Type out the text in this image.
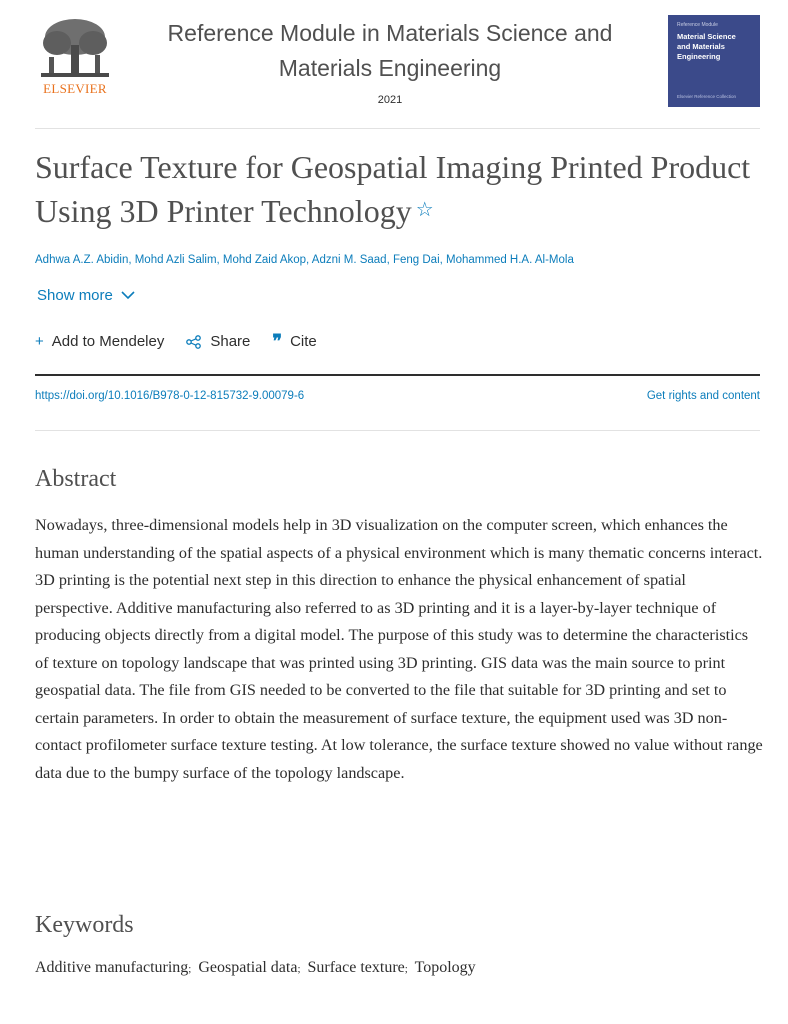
ELSEVIER
Reference Module in Materials Science and
Materials Engineering
2021
Reference Module
Material Science and Materials Engineering
Elsevier Reference Collection
Surface Texture for Geospatial Imaging Printed Product Using 3D Printer Technology ☆
Adhwa A.Z. Abidin, Mohd Azli Salim, Mohd Zaid Akop, Adzni M. Saad, Feng Dai, Mohammed H.A. Al-Mola
Show more
+ Add to Mendeley	Share ❞ Cite
https://doi.org/10.1016/B978-0-12-815732-9.00079-6	Get rights and content
Abstract
Nowadays, three-dimensional models help in 3D visualization on the computer screen, which enhances the human understanding of the spatial aspects of a physical environment which is many thematic concerns interact. 3D printing is the potential next step in this direction to enhance the physical enhancement of spatial perspective. Additive manufacturing also referred to as 3D printing and it is a layer-by-layer technique of producing objects directly from a digital model. The purpose of this study was to determine the characteristics of texture on topology landscape that was printed using 3D printing. GIS data was the main source to print geospatial data. The file from GIS needed to be converted to the file that suitable for 3D printing and set to certain parameters. In order to obtain the measurement of surface texture, the equipment used was 3D non-contact profilometer surface texture testing. At low tolerance, the surface texture showed no value without range data due to the bumpy surface of the topology landscape.
Keywords
Additive manufacturing; Geospatial data; Surface texture; Topology
